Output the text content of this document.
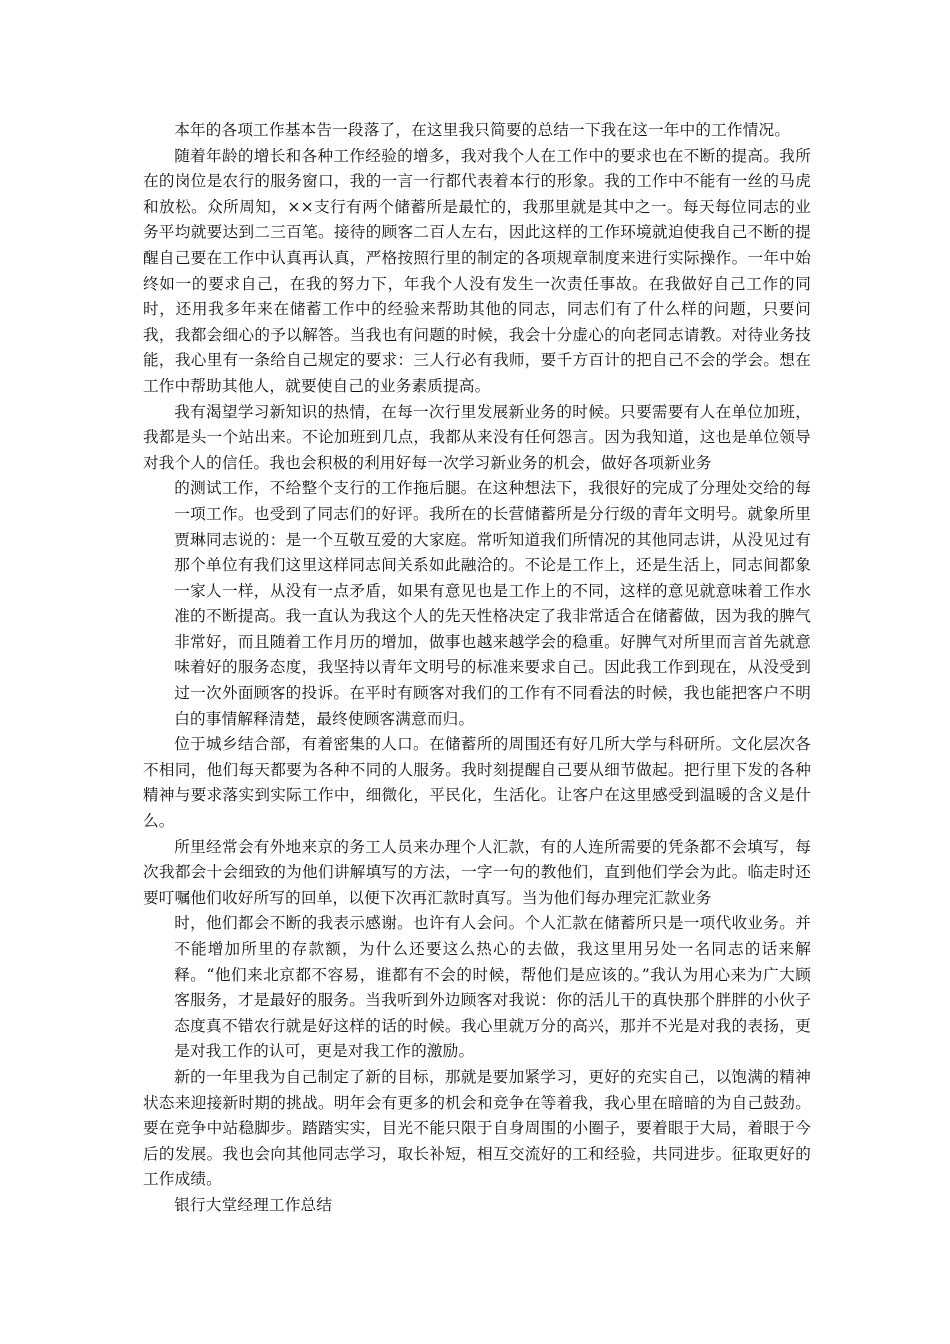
本年的各项工作基本告一段落了，在这里我只简要的总结一下我在这一年中的工作情况。

随着年龄的增长和各种工作经验的增多，我对我个人在工作中的要求也在不断的提高。我所在的岗位是农行的服务窗口，我的一言一行都代表着本行的形象。我的工作中不能有一丝的马虎和放松。众所周知，××支行有两个储蓄所是最忙的，我那里就是其中之一。每天每位同志的业务平均就要达到二三百笔。接待的顾客二百人左右，因此这样的工作环境就迫使我自己不断的提醒自己要在工作中认真再认真，严格按照行里的制定的各项规章制度来进行实际操作。一年中始终如一的要求自己，在我的努力下，年我个人没有发生一次责任事故。在我做好自己工作的同时，还用我多年来在储蓄工作中的经验来帮助其他的同志，同志们有了什么样的问题，只要问我，我都会细心的予以解答。当我也有问题的时候，我会十分虚心的向老同志请教。对待业务技能，我心里有一条给自己规定的要求：三人行必有我师，要千方百计的把自己不会的学会。想在工作中帮助其他人，就要使自己的业务素质提高。

我有渴望学习新知识的热情，在每一次行里发展新业务的时候。只要需要有人在单位加班，我都是头一个站出来。不论加班到几点，我都从来没有任何怨言。因为我知道，这也是单位领导对我个人的信任。我也会积极的利用好每一次学习新业务的机会，做好各项新业务

的测试工作，不给整个支行的工作拖后腿。在这种想法下，我很好的完成了分理处交给的每一项工作。也受到了同志们的好评。我所在的长营储蓄所是分行级的青年文明号。就象所里贾琳同志说的：是一个互敬互爱的大家庭。常听知道我们所情况的其他同志讲，从没见过有那个单位有我们这里这样同志间关系如此融洽的。不论是工作上，还是生活上，同志间都象一家人一样，从没有一点矛盾，如果有意见也是工作上的不同，这样的意见就意味着工作水准的不断提高。我一直认为我这个人的先天性格决定了我非常适合在储蓄做，因为我的脾气非常好，而且随着工作月历的增加，做事也越来越学会的稳重。好脾气对所里而言首先就意味着好的服务态度，我坚持以青年文明号的标准来要求自己。因此我工作到现在，从没受到过一次外面顾客的投诉。在平时有顾客对我们的工作有不同看法的时候，我也能把客户不明白的事情解释清楚，最终使顾客满意而归。

位于城乡结合部，有着密集的人口。在储蓄所的周围还有好几所大学与科研所。文化层次各不相同，他们每天都要为各种不同的人服务。我时刻提醒自己要从细节做起。把行里下发的各种精神与要求落实到实际工作中，细微化，平民化，生活化。让客户在这里感受到温暖的含义是什么。

所里经常会有外地来京的务工人员来办理个人汇款，有的人连所需要的凭条都不会填写，每次我都会十会细致的为他们讲解填写的方法，一字一句的教他们，直到他们学会为此。临走时还要叮嘱他们收好所写的回单，以便下次再汇款时真写。当为他们每办理完汇款业务

时，他们都会不断的我表示感谢。也许有人会问。个人汇款在储蓄所只是一项代收业务。并不能增加所里的存款额，为什么还要这么热心的去做，我这里用另处一名同志的话来解释。“他们来北京都不容易，谁都有不会的时候，帮他们是应该的。”我认为用心来为广大顾客服务，才是最好的服务。当我听到外边顾客对我说：你的活儿干的真快那个胖胖的小伙子态度真不错农行就是好这样的话的时候。我心里就万分的高兴，那并不光是对我的表扬，更是对我工作的认可，更是对我工作的激励。

新的一年里我为自己制定了新的目标，那就是要加紧学习，更好的充实自己，以饱满的精神状态来迎接新时期的挑战。明年会有更多的机会和竞争在等着我，我心里在暗暗的为自己鼓劲。要在竞争中站稳脚步。踏踏实实，目光不能只限于自身周围的小圈子，要着眼于大局，着眼于今后的发展。我也会向其他同志学习，取长补短，相互交流好的工和经验，共同进步。征取更好的工作成绩。

银行大堂经理工作总结
